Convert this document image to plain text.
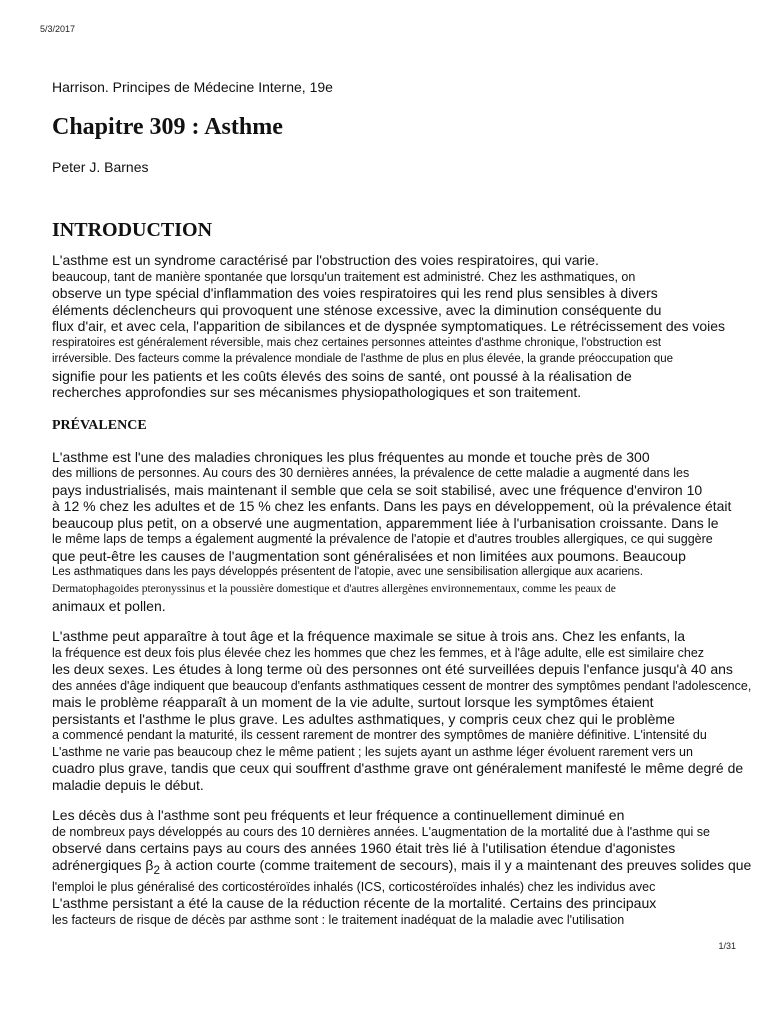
5/3/2017

Harrison. Principes de Médecine Interne, 19e

Chapitre 309 : Asthme

Peter J. Barnes

INTRODUCTION
L'asthme est un syndrome caractérisé par l'obstruction des voies respiratoires, qui varie.
beaucoup, tant de manière spontanée que lorsqu'un traitement est administré. Chez les asthmatiques, on
observe un type spécial d'inflammation des voies respiratoires qui les rend plus sensibles à divers
éléments déclencheurs qui provoquent une sténose excessive, avec la diminution conséquente du
flux d'air, et avec cela, l'apparition de sibilances et de dyspnée symptomatiques. Le rétrécissement des voies
respiratoires est généralement réversible, mais chez certaines personnes atteintes d'asthme chronique, l'obstruction est
irréversible. Des facteurs comme la prévalence mondiale de l'asthme de plus en plus élevée, la grande préoccupation que
signifie pour les patients et les coûts élevés des soins de santé, ont poussé à la réalisation de
recherches approfondies sur ses mécanismes physiopathologiques et son traitement.
PRÉVALENCE
L'asthme est l'une des maladies chroniques les plus fréquentes au monde et touche près de 300
des millions de personnes. Au cours des 30 dernières années, la prévalence de cette maladie a augmenté dans les
pays industrialisés, mais maintenant il semble que cela se soit stabilisé, avec une fréquence d'environ 10
à 12 % chez les adultes et de 15 % chez les enfants. Dans les pays en développement, où la prévalence était
beaucoup plus petit, on a observé une augmentation, apparemment liée à l'urbanisation croissante. Dans le
le même laps de temps a également augmenté la prévalence de l'atopie et d'autres troubles allergiques, ce qui suggère
que peut-être les causes de l'augmentation sont généralisées et non limitées aux poumons. Beaucoup
Les asthmatiques dans les pays développés présentent de l'atopie, avec une sensibilisation allergique aux acariens.
Dermatophagoides pteronyssinus et la poussière domestique et d'autres allergènes environnementaux, comme les peaux de
animaux et pollen.
L'asthme peut apparaître à tout âge et la fréquence maximale se situe à trois ans. Chez les enfants, la
la fréquence est deux fois plus élevée chez les hommes que chez les femmes, et à l'âge adulte, elle est similaire chez
les deux sexes. Les études à long terme où des personnes ont été surveillées depuis l'enfance jusqu'à 40 ans
des années d'âge indiquent que beaucoup d'enfants asthmatiques cessent de montrer des symptômes pendant l'adolescence,
mais le problème réapparaît à un moment de la vie adulte, surtout lorsque les symptômes étaient
persistants et l'asthme le plus grave. Les adultes asthmatiques, y compris ceux chez qui le problème
a commencé pendant la maturité, ils cessent rarement de montrer des symptômes de manière définitive. L'intensité du
L'asthme ne varie pas beaucoup chez le même patient ; les sujets ayant un asthme léger évoluent rarement vers un
cuadro plus grave, tandis que ceux qui souffrent d'asthme grave ont généralement manifesté le même degré de
maladie depuis le début.
Les décès dus à l'asthme sont peu fréquents et leur fréquence a continuellement diminué en
de nombreux pays développés au cours des 10 dernières années. L'augmentation de la mortalité due à l'asthme qui se
observé dans certains pays au cours des années 1960 était très lié à l'utilisation étendue d'agonistes
adrénergiques $\beta_2$ à action courte (comme traitement de secours), mais il y a maintenant des preuves solides que
l'emploi le plus généralisé des corticostéroïdes inhalés (ICS, corticostéroïdes inhalés) chez les individus avec
L'asthme persistant a été la cause de la réduction récente de la mortalité. Certains des principaux
les facteurs de risque de décès par asthme sont : le traitement inadéquat de la maladie avec l'utilisation
1/31
